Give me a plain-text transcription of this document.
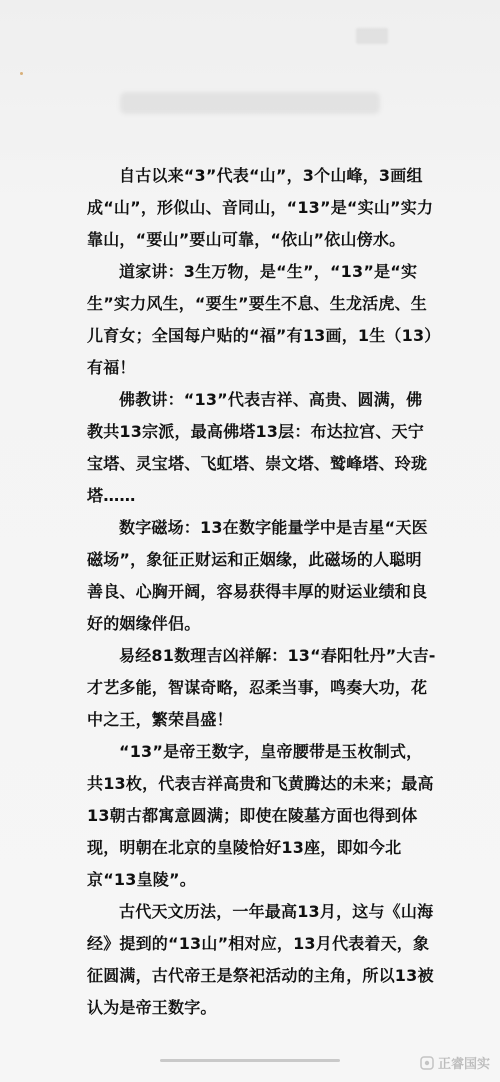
自古以来“3”代表“山”，3个山峰，3画组成“山”，形似山、音同山，“13”是“实山”实力靠山，“要山”要山可靠，“依山”依山傍水。

道家讲：3生万物，是“生”，“13”是“实生”实力风生，“要生”要生不息、生龙活虎、生儿育女；全国每户贴的“福”有13画，1生（13）有福！

佛教讲：“13”代表吉祥、高贵、圆满，佛教共13宗派，最高佛塔13层：布达拉宫、天宁宝塔、灵宝塔、飞虹塔、崇文塔、鹫峰塔、玲珑塔……

数字磁场：13在数字能量学中是吉星“天医磁场”，象征正财运和正姻缘，此磁场的人聪明善良、心胸开阔，容易获得丰厚的财运业绩和良好的姻缘伴侣。

易经81数理吉凶祥解：13“春阳牡丹”大吉-才艺多能，智谋奇略，忍柔当事，鸣奏大功，花中之王，繁荣昌盛！

“13”是帝王数字，皇帝腰带是玉枚制式，共13枚，代表吉祥高贵和飞黄腾达的未来；最高13朝古都寓意圆满；即使在陵墓方面也得到体现，明朝在北京的皇陵恰好13座，即如今北京“13皇陵”。

古代天文历法，一年最高13月，这与《山海经》提到的“13山”相对应，13月代表着天，象征圆满，古代帝王是祭祀活动的主角，所以13被认为是帝王数字。

正睿国实
